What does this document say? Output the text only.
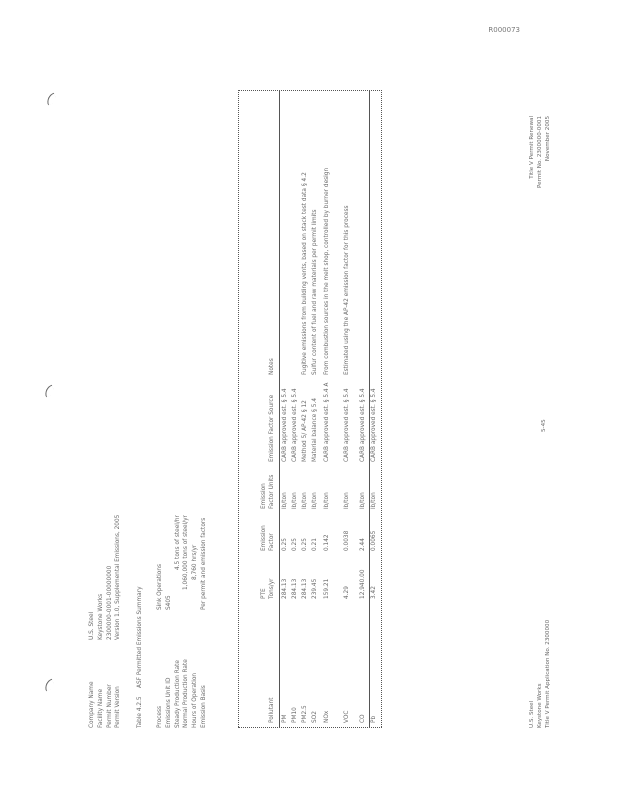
R000073
Company Name
U.S. Steel
Facility Name
Keystone Works
Permit Number
2300000-0001-00000000
Permit Version
Version 1.0, Supplemental Emissions, 2005
Table 4.2.5ASF Permitted Emissions Summary
Process
Sink Operations
Emissions Unit ID
S405
Steady Production Rate
4.5 tons of steel/hr
Normal Production Rate
1,060,000 tons of steel/yr
Hours of Operation
8,760 hrs/yr
Emission Basis
Per permit and emission factors
Pollutant
PTE
Tons/yr
Emission
Factor
Emission
Factor Units
Emission Factor Source
Notes
PM
284.13
0.25
lb/ton
CARB approved est. § 5.4
PM10
284.13
0.25
lb/ton
CARB approved est. § 5.4
PM2.5
284.13
0.25
lb/ton
Method 5/ AP-42 § 12
Fugitive emissions from building vents, based on stack test data § 4.2
SO2
239.45
0.21
lb/ton
Material balance § 5.4
Sulfur content of fuel and raw materials per permit limits
NOx
159.21
0.142
lb/ton
CARB approved est. § 5.4 A
From combustion sources in the melt shop, controlled by burner design
VOC
4.29
0.0038
lb/ton
CARB approved est. § 5.4
Estimated using the AP-42 emission factor for this process
CO
12,940.00
2.44
lb/ton
CARB approved est. § 5.4
Pb
3.42
0.0065
lb/ton
CARB approved est. § 5.4
U.S. Steel Keystone Works Title V Permit Application No. 2300000
5-45
Title V Permit Renewal Permit No. 2300000-0001 November 2005
